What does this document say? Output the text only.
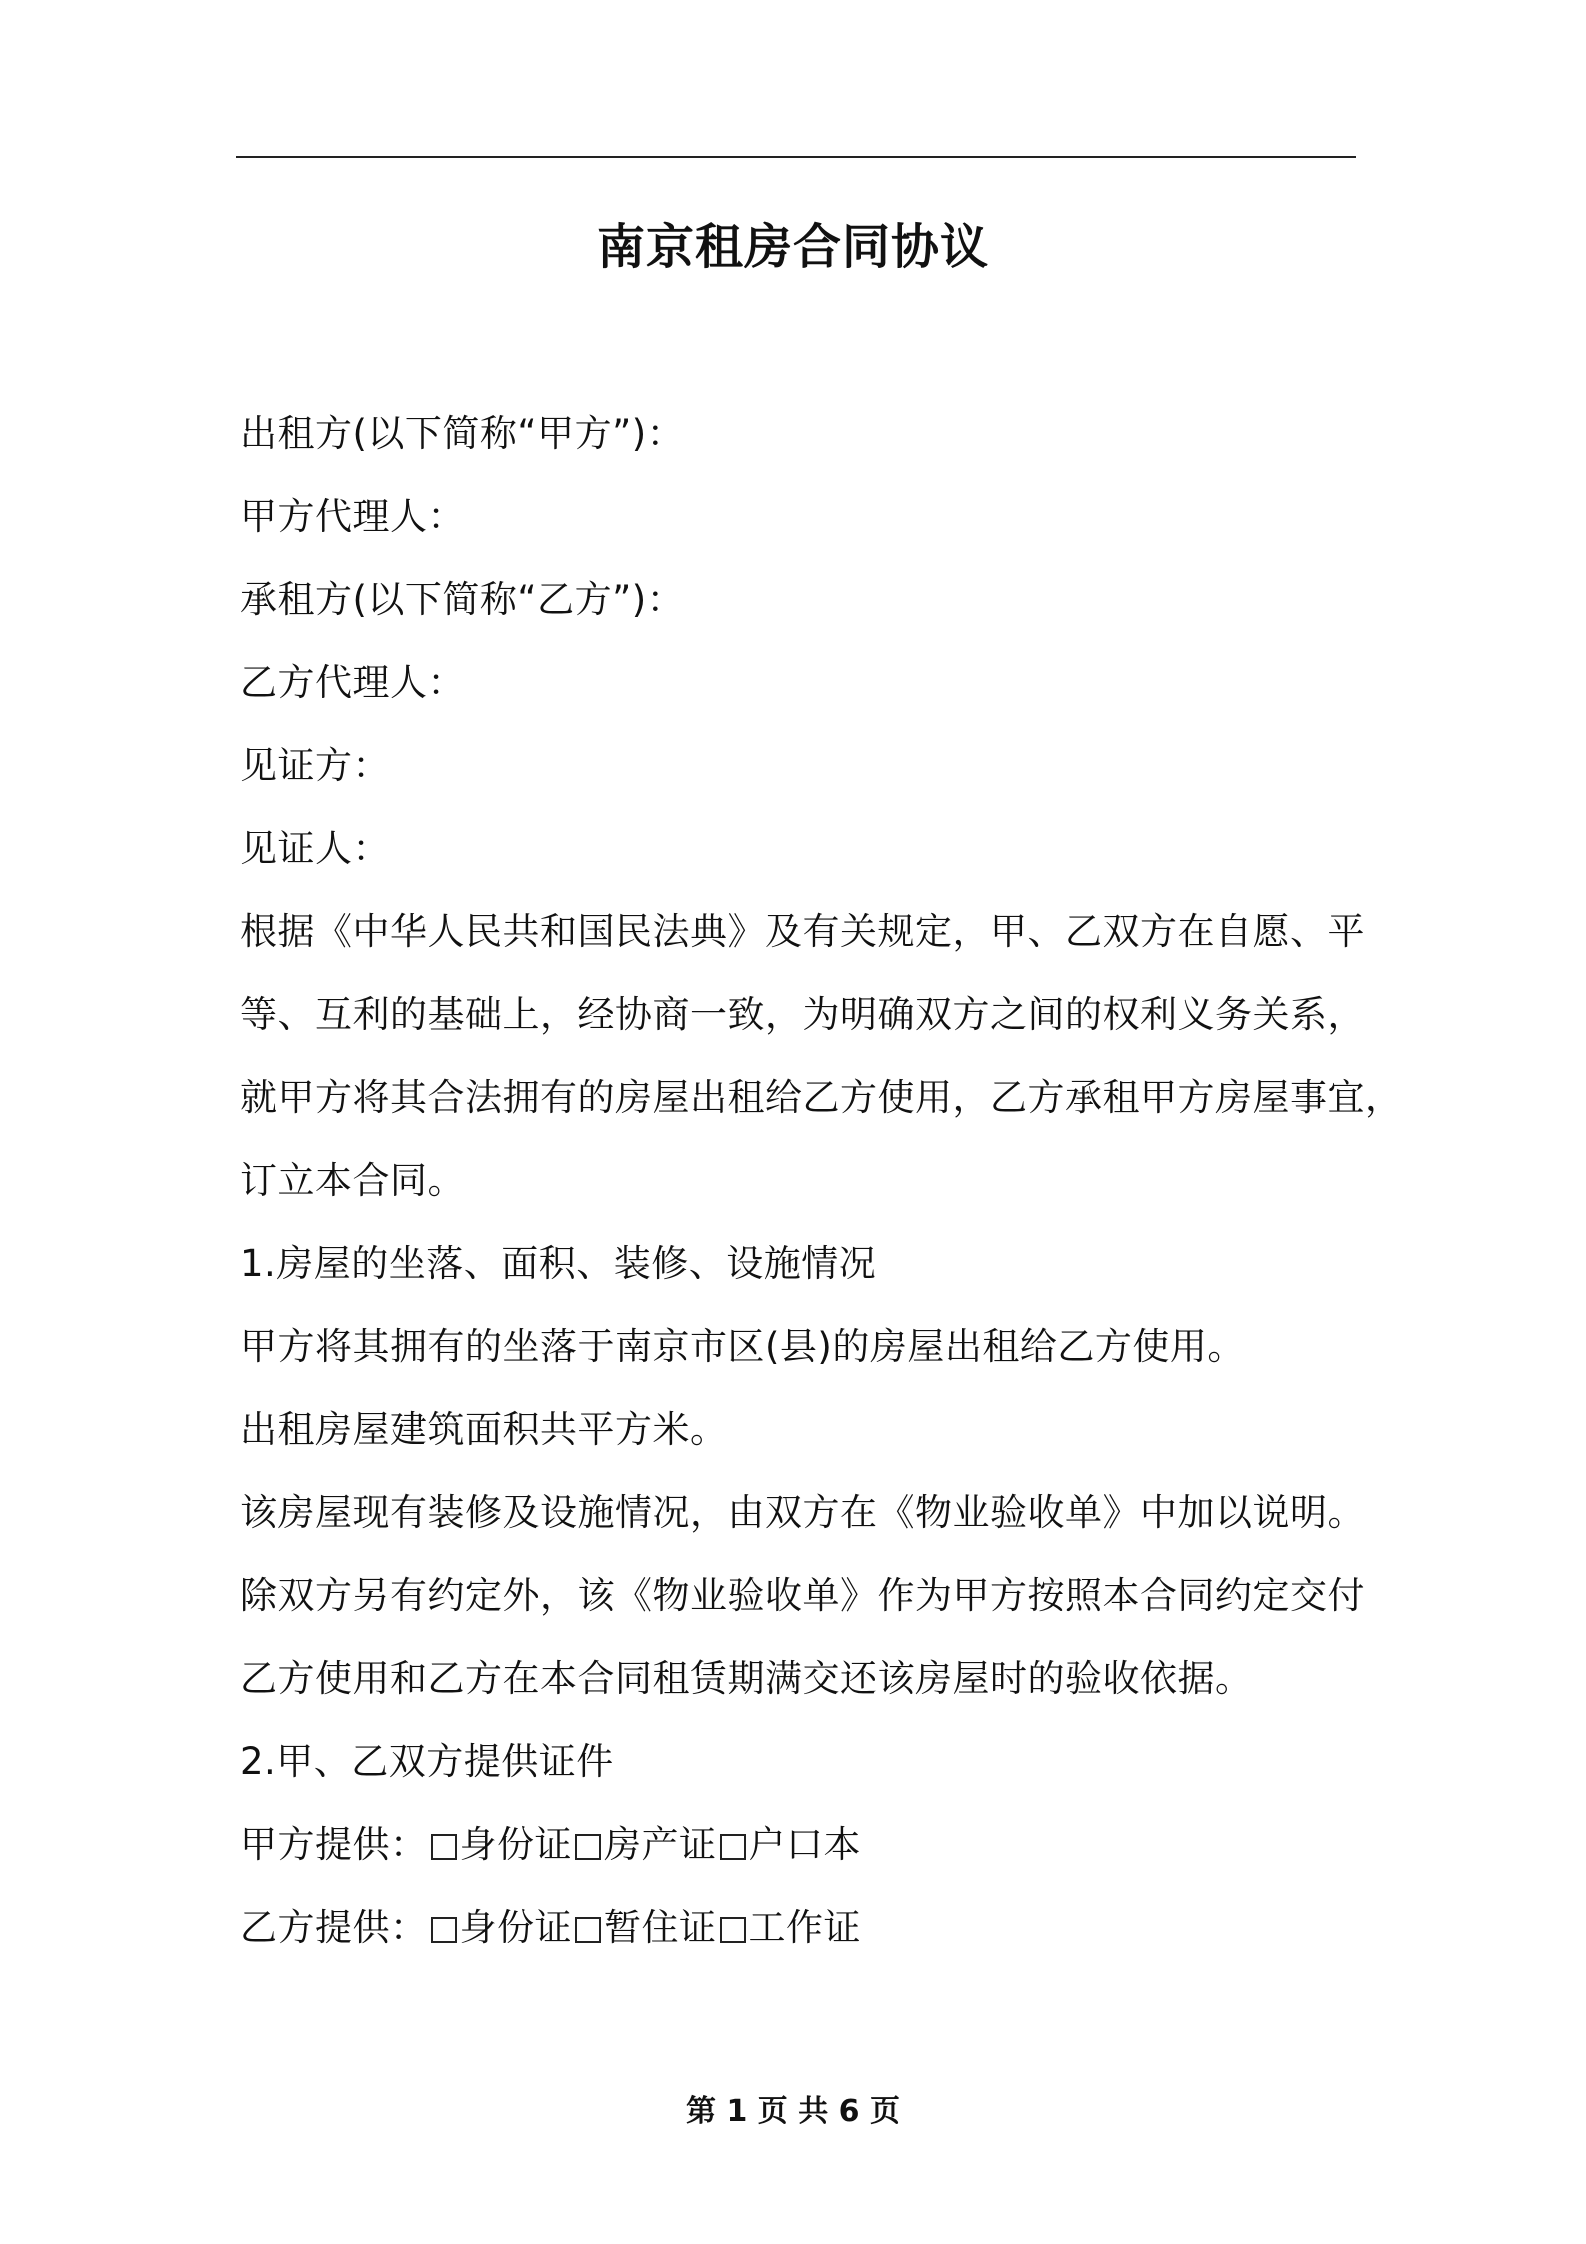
南京租房合同协议
出租方(以下简称“甲方”)：
甲方代理人：
承租方(以下简称“乙方”)：
乙方代理人：
见证方：
见证人：
根据《中华人民共和国民法典》及有关规定，甲、乙双方在自愿、平
等、互利的基础上，经协商一致，为明确双方之间的权利义务关系，
就甲方将其合法拥有的房屋出租给乙方使用，乙方承租甲方房屋事宜，
订立本合同。
1.房屋的坐落、面积、装修、设施情况
甲方将其拥有的坐落于南京市区(县)的房屋出租给乙方使用。
出租房屋建筑面积共平方米。
该房屋现有装修及设施情况，由双方在《物业验收单》中加以说明。
除双方另有约定外，该《物业验收单》作为甲方按照本合同约定交付
乙方使用和乙方在本合同租赁期满交还该房屋时的验收依据。
2.甲、乙双方提供证件
甲方提供： 身份证 房产证 户口本
乙方提供： 身份证 暂住证 工作证
第 1 页 共 6 页
